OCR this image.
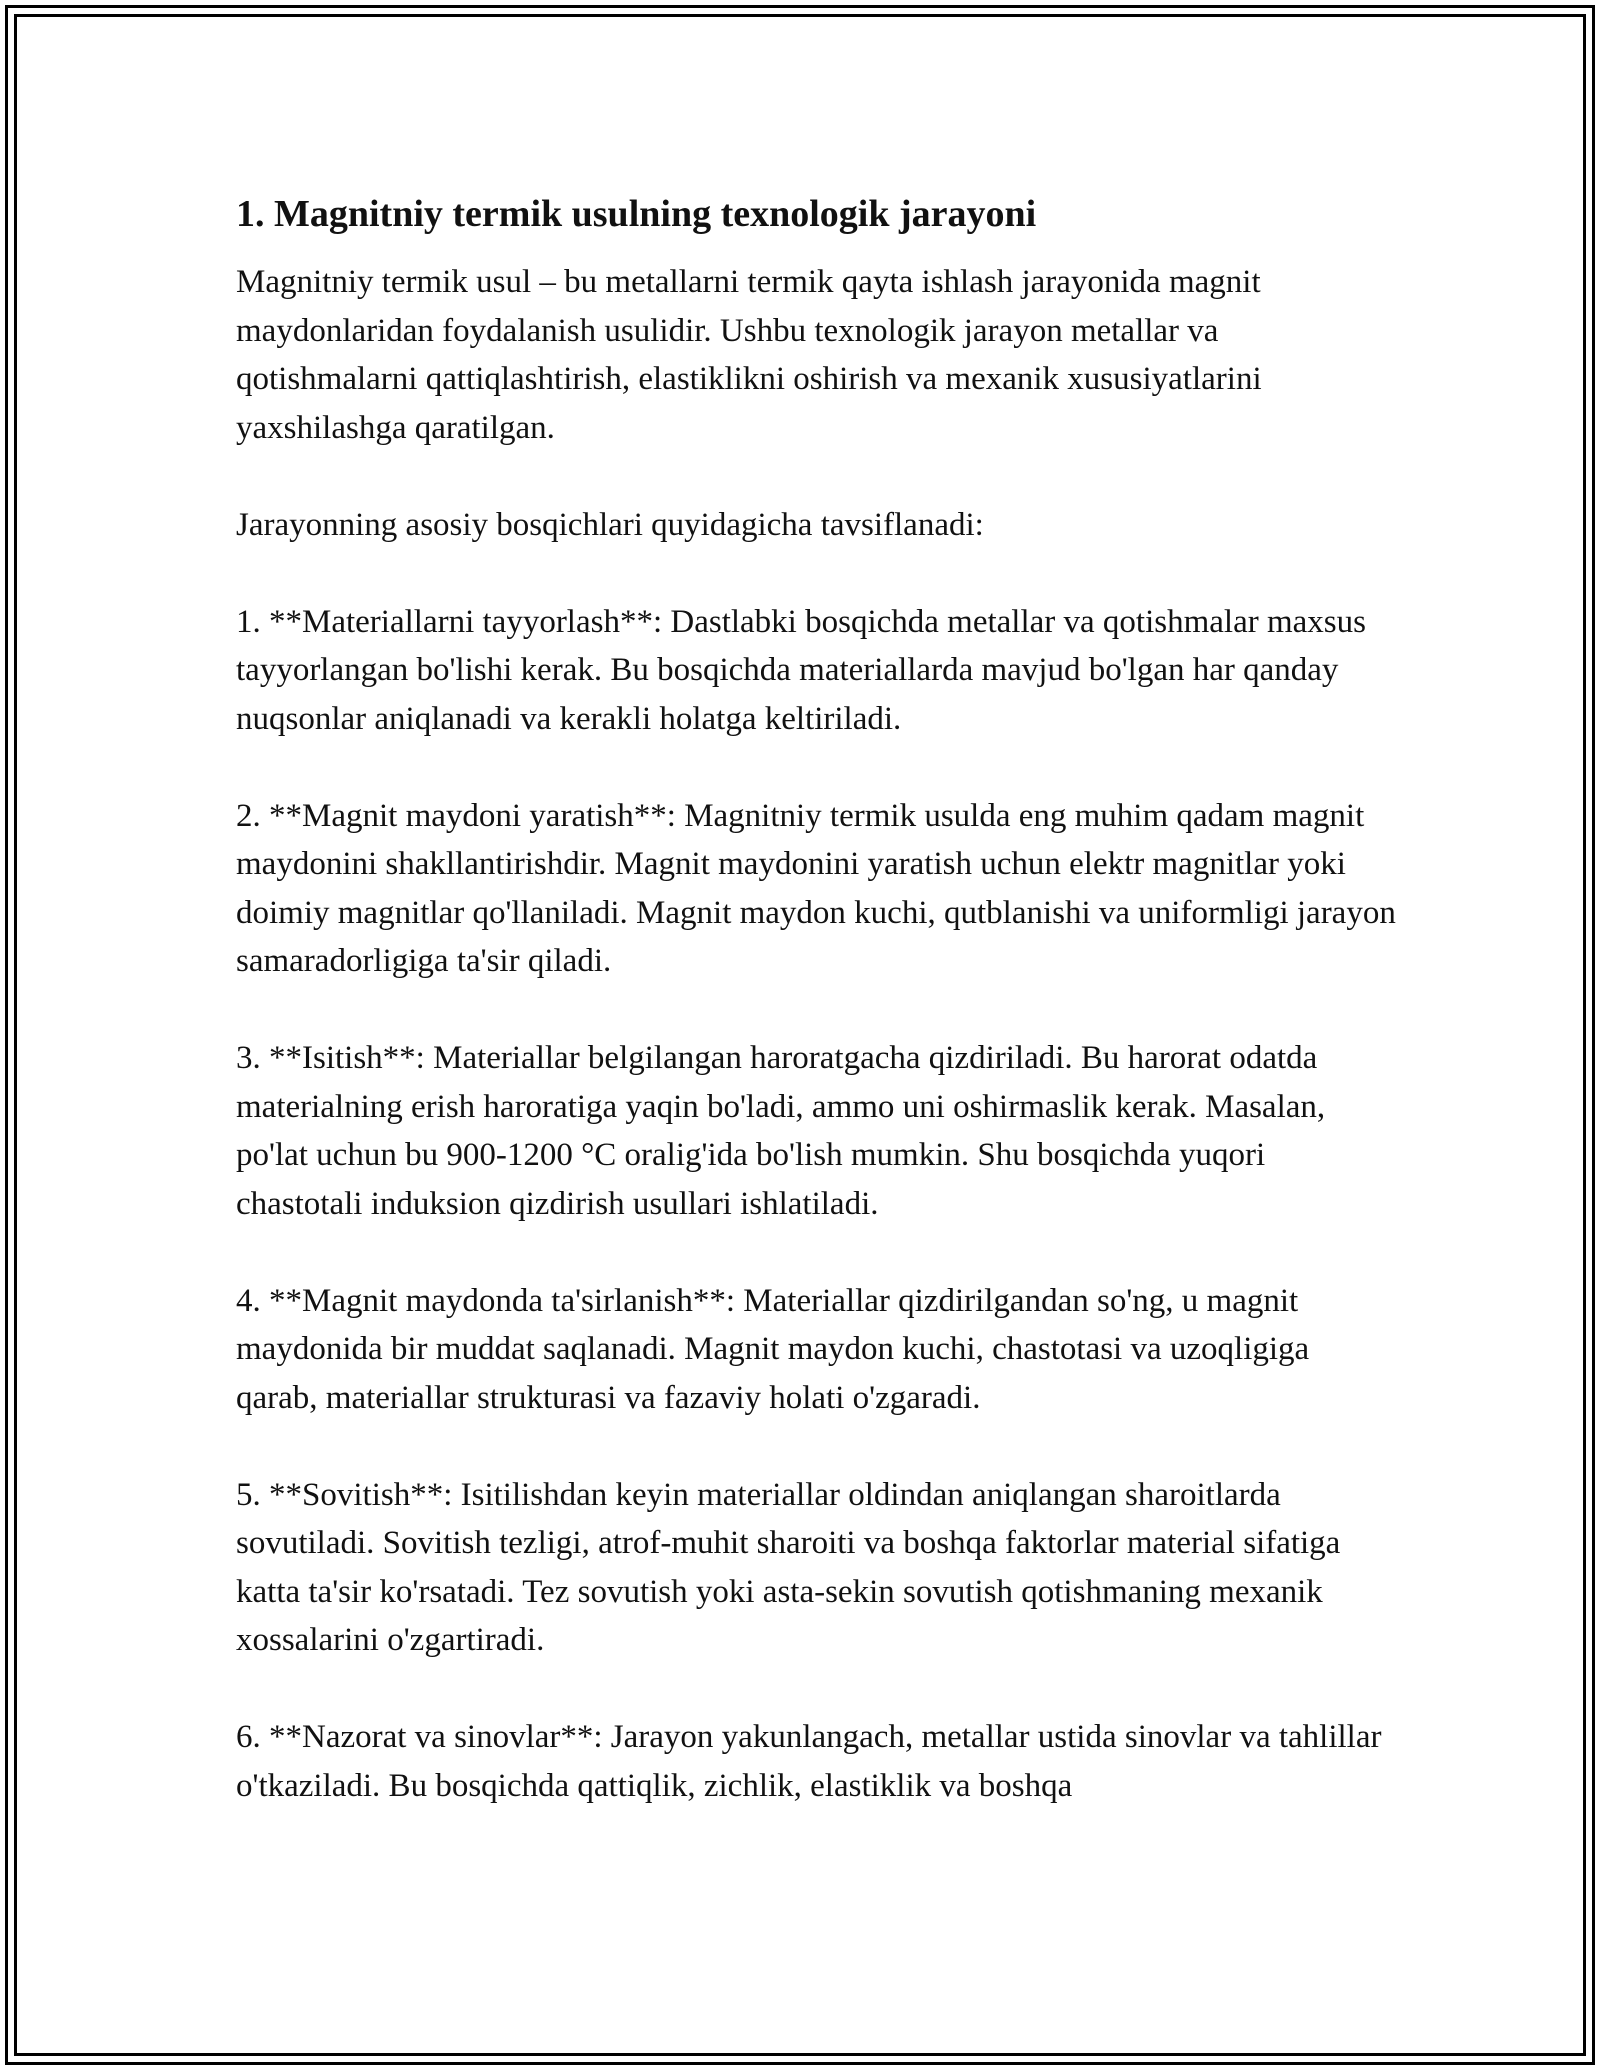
1. Magnitniy termik usulning texnologik jarayoni

Magnitniy termik usul – bu metallarni termik qayta ishlash jarayonida magnit maydonlaridan foydalanish usulidir. Ushbu texnologik jarayon metallar va qotishmalarni qattiqlashtirish, elastiklikni oshirish va mexanik xususiyatlarini yaxshilashga qaratilgan.

Jarayonning asosiy bosqichlari quyidagicha tavsiflanadi:

1. **Materiallarni tayyorlash**: Dastlabki bosqichda metallar va qotishmalar maxsus tayyorlangan bo'lishi kerak. Bu bosqichda materiallarda mavjud bo'lgan har qanday nuqsonlar aniqlanadi va kerakli holatga keltiriladi.

2. **Magnit maydoni yaratish**: Magnitniy termik usulda eng muhim qadam magnit maydonini shakllantirishdir. Magnit maydonini yaratish uchun elektr magnitlar yoki doimiy magnitlar qo'llaniladi. Magnit maydon kuchi, qutblanishi va uniformligi jarayon samaradorligiga ta'sir qiladi.

3. **Isitish**: Materiallar belgilangan haroratgacha qizdiriladi. Bu harorat odatda materialning erish haroratiga yaqin bo'ladi, ammo uni oshirmaslik kerak. Masalan, po'lat uchun bu 900-1200 °C oralig'ida bo'lish mumkin. Shu bosqichda yuqori chastotali induksion qizdirish usullari ishlatiladi.

4. **Magnit maydonda ta'sirlanish**: Materiallar qizdirilgandan so'ng, u magnit maydonida bir muddat saqlanadi. Magnit maydon kuchi, chastotasi va uzoqligiga qarab, materiallar strukturasi va fazaviy holati o'zgaradi.

5. **Sovitish**: Isitilishdan keyin materiallar oldindan aniqlangan sharoitlarda sovutiladi. Sovitish tezligi, atrof-muhit sharoiti va boshqa faktorlar material sifatiga katta ta'sir ko'rsatadi. Tez sovutish yoki asta-sekin sovutish qotishmaning mexanik xossalarini o'zgartiradi.

6. **Nazorat va sinovlar**: Jarayon yakunlangach, metallar ustida sinovlar va tahlillar o'tkaziladi. Bu bosqichda qattiqlik, zichlik, elastiklik va boshqa
